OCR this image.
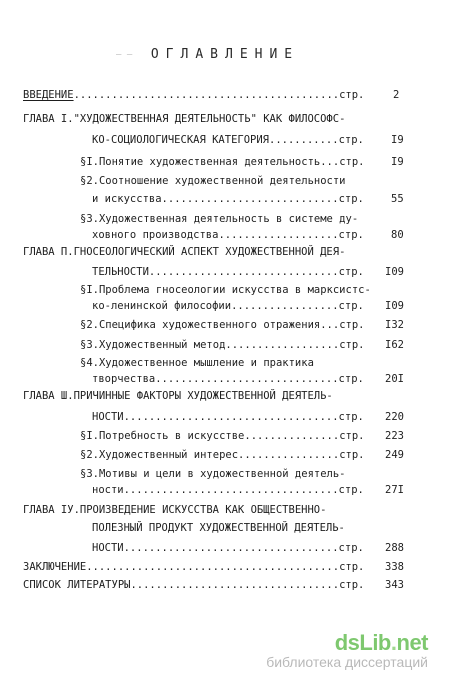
ОГЛАВЛЕНИЕ
ВВЕДЕНИЕ..........................................стр.	2
ГЛАВА I."ХУДОЖЕСТВЕННАЯ ДЕЯТЕЛЬНОСТЬ" КАК ФИЛОСОФС-
КО-СОЦИОЛОГИЧЕСКАЯ КАТЕГОРИЯ...........стр.	I9
§I.Понятие художественная деятельность...стр.	I9
§2.Соотношение художественной деятельности
и искусства............................стр.	55
§3.Художественная деятельность в системе ду-
ховного производства...................стр.	80
ГЛАВА П.ГНОСЕОЛОГИЧЕСКИЙ АСПЕКТ ХУДОЖЕСТВЕННОЙ ДЕЯ-
ТЕЛЬНОСТИ..............................стр. I09
§I.Проблема гносеологии искусства в марксистс-
ко-ленинской философии.................стр. I09
§2.Специфика художественного отражения...стр. I32
§3.Художественный метод..................стр. I62
§4.Художественное мышление и практика
творчества.............................стр. 20I
ГЛАВА Ш.ПРИЧИННЫЕ ФАКТОРЫ ХУДОЖЕСТВЕННОЙ ДЕЯТЕЛЬ-
НОСТИ..................................стр. 220
§I.Потребность в искусстве...............стр. 223
§2.Художественный интерес................стр. 249
§3.Мотивы и цели в художественной деятель-
ности..................................стр. 27I
ГЛАВА IУ.ПРОИЗВЕДЕНИЕ ИСКУССТВА КАК ОБЩЕСТВЕННО-
ПОЛЕЗНЫЙ ПРОДУКТ ХУДОЖЕСТВЕННОЙ ДЕЯТЕЛЬ-
НОСТИ..................................стр. 288
ЗАКЛЮЧЕНИЕ........................................стр. 338
СПИСОК ЛИТЕРАТУРЫ.................................стр. 343
_ _
dsLib.net
библиотека диссертаций
